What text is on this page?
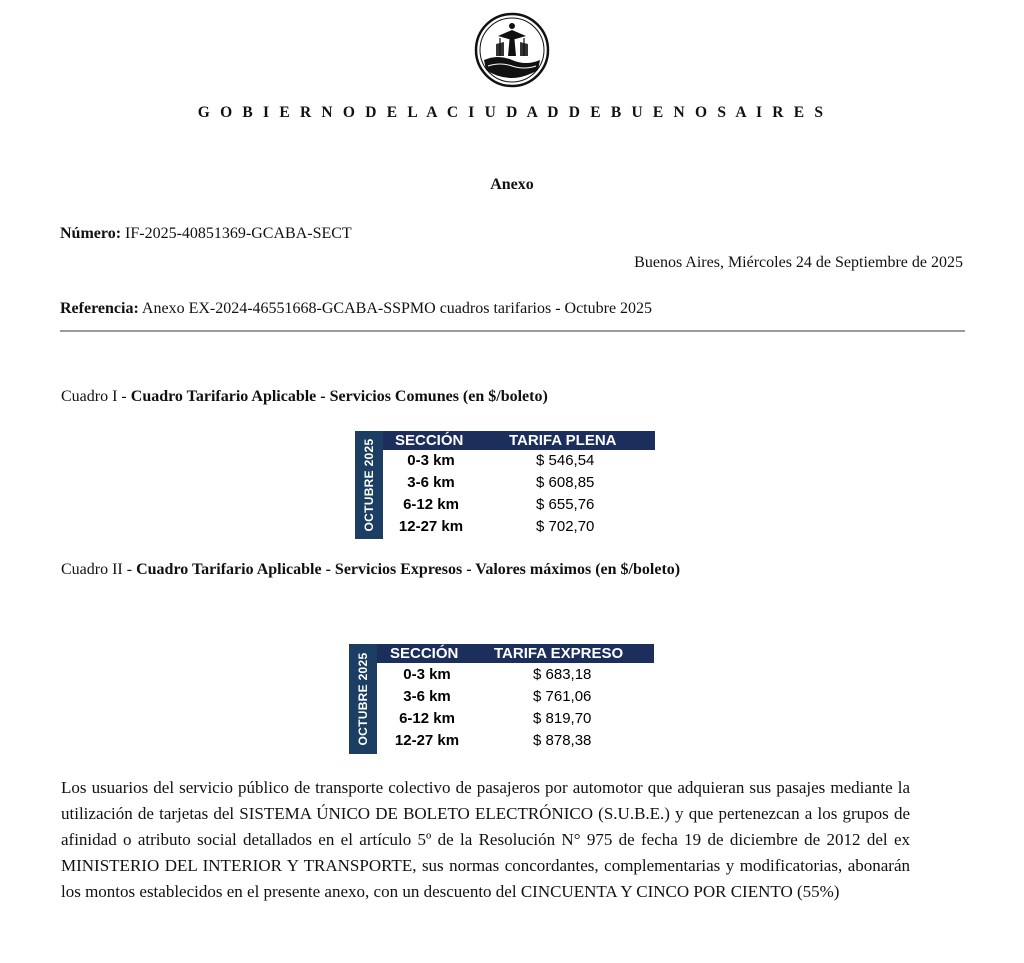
G O B I E R N O D E L A C I U D A D D E B U E N O S A I R E S
Anexo
Número: IF-2025-40851369-GCABA-SECT
Buenos Aires, Miércoles 24 de Septiembre de 2025
Referencia: Anexo EX-2024-46551668-GCABA-SSPMO cuadros tarifarios - Octubre 2025
Cuadro I - Cuadro Tarifario Aplicable - Servicios Comunes (en $/boleto)
OCTUBRE 2025 SECCIÓN	TARIFA PLENA
0-3 km	$ 546,54
3-6 km	$ 608,85
6-12 km	$ 655,76
12-27 km	$ 702,70
Cuadro II - Cuadro Tarifario Aplicable - Servicios Expresos - Valores máximos (en $/boleto)
OCTUBRE 2025 SECCIÓN TARIFA EXPRESO
0-3 km	$ 683,18
3-6 km	$ 761,06
6-12 km	$ 819,70
12-27 km	$ 878,38
Los usuarios del servicio público de transporte colectivo de pasajeros por automotor que adquieran sus pasajes mediante la utilización de tarjetas del SISTEMA ÚNICO DE BOLETO ELECTRÓNICO (S.U.B.E.) y que pertenezcan a los grupos de afinidad o atributo social detallados en el artículo 5º de la Resolución N° 975 de fecha 19 de diciembre de 2012 del ex MINISTERIO DEL INTERIOR Y TRANSPORTE, sus normas concordantes, complementarias y modificatorias, abonarán los montos establecidos en el presente anexo, con un descuento del CINCUENTA Y CINCO POR CIENTO (55%)
